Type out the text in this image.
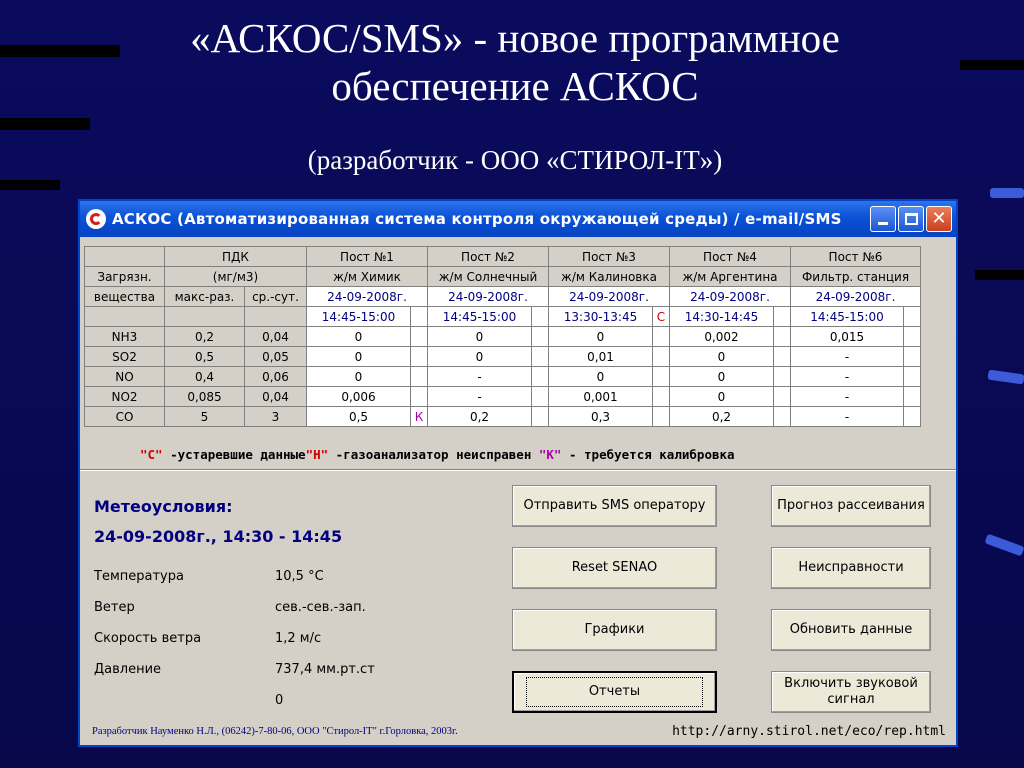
«АСКОС/SMS» - новое программное
обеспечение АСКОС
(разработчик - ООО «СТИРОЛ-IT»)
АСКОС (Автоматизированная система контроля окружающей среды) / e-mail/SMS	✕
	ПДК		Пост №1		Пост №2		Пост №3		Пост №4		Пост №6	
Загрязн.	(мг/м3)		ж/м Химик		ж/м Солнечный		ж/м Калиновка		ж/м Аргентина		Фильтр. станция	
вещества	макс-раз.	ср.-сут.	24-09-2008г.		24-09-2008г.		24-09-2008г.		24-09-2008г.		24-09-2008г.	
			14:45-15:00		14:45-15:00		13:30-13:45	С	14:30-14:45		14:45-15:00	
NH3	0,2	0,04	0		0		0		0,002		0,015	
SO2	0,5	0,05	0		0		0,01		0		-	
NO	0,4	0,06	0		-		0		0		-	
NO2	0,085	0,04	0,006		-		0,001		0		-	
CO	5	3	0,5	К	0,2		0,3		0,2		-	
"С" -устаревшие данные"Н" -газоанализатор неисправен "К" - требуется калибровка
Метеоусловия:
24-09-2008г., 14:30 - 14:45
Температура	10,5 °C
Ветер	сев.-сев.-зап.
Скорость ветра	1,2 м/с
Давление	737,4 мм.рт.ст
0
Отправить SMS оператору	Прогноз рассеивания
Reset SENAO	Неисправности
Графики	Обновить данные
Отчеты
Включить звуковой сигнал
Разработчик Науменко Н.Л., (06242)-7-80-06, ООО "Стирол-IT" г.Горловка, 2003г.	http://arny.stirol.net/eco/rep.html
